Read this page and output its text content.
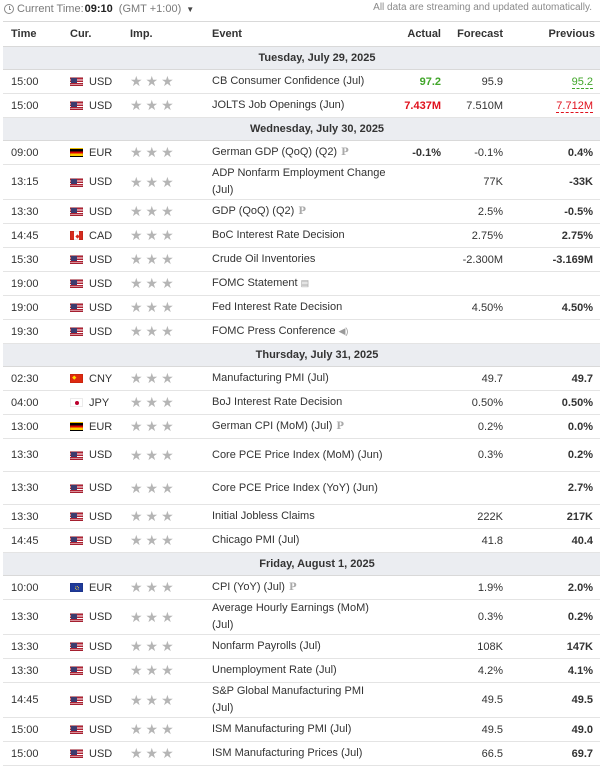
Current Time: 09:10 (GMT +1:00) ▼	All data are streaming and updated automatically.
Time	Cur.	Imp.	Event	Actual	Forecast	Previous
Tuesday, July 29, 2025						
15:00	USD	★★★	CB Consumer Confidence (Jul)	97.2	95.9	95.2
15:00	USD	★★★	JOLTS Job Openings (Jun)	7.437M	7.510M	7.712M
Wednesday, July 30, 2025						
09:00	EUR	★★★	German GDP (QoQ) (Q2) P	-0.1%	-0.1%	0.4%
13:15	USD	★★★	ADP Nonfarm Employment Change (Jul)		77K	-33K
13:30	USD	★★★	GDP (QoQ) (Q2) P		2.5%	-0.5%
14:45	CAD	★★★	BoC Interest Rate Decision		2.75%	2.75%
15:30	USD	★★★	Crude Oil Inventories		-2.300M	-3.169M
19:00	USD	★★★	FOMC Statement ▤			
19:00	USD	★★★	Fed Interest Rate Decision		4.50%	4.50%
19:30	USD	★★★	FOMC Press Conference ◀)			
Thursday, July 31, 2025						
02:30	CNY	★★★	Manufacturing PMI (Jul)		49.7	49.7
04:00	JPY	★★★	BoJ Interest Rate Decision		0.50%	0.50%
13:00	EUR	★★★	German CPI (MoM) (Jul) P		0.2%	0.0%
13:30	USD	★★★	Core PCE Price Index (MoM) (Jun)		0.3%	0.2%
13:30	USD	★★★	Core PCE Price Index (YoY) (Jun)			2.7%
13:30	USD	★★★	Initial Jobless Claims		222K	217K
14:45	USD	★★★	Chicago PMI (Jul)		41.8	40.4
Friday, August 1, 2025						
10:00	EUR	★★★	CPI (YoY) (Jul) P		1.9%	2.0%
13:30	USD	★★★	Average Hourly Earnings (MoM) (Jul)		0.3%	0.2%
13:30	USD	★★★	Nonfarm Payrolls (Jul)		108K	147K
13:30	USD	★★★	Unemployment Rate (Jul)		4.2%	4.1%
14:45	USD	★★★	S&P Global Manufacturing PMI (Jul)		49.5	49.5
15:00	USD	★★★	ISM Manufacturing PMI (Jul)		49.5	49.0
15:00	USD	★★★	ISM Manufacturing Prices (Jul)		66.5	69.7
